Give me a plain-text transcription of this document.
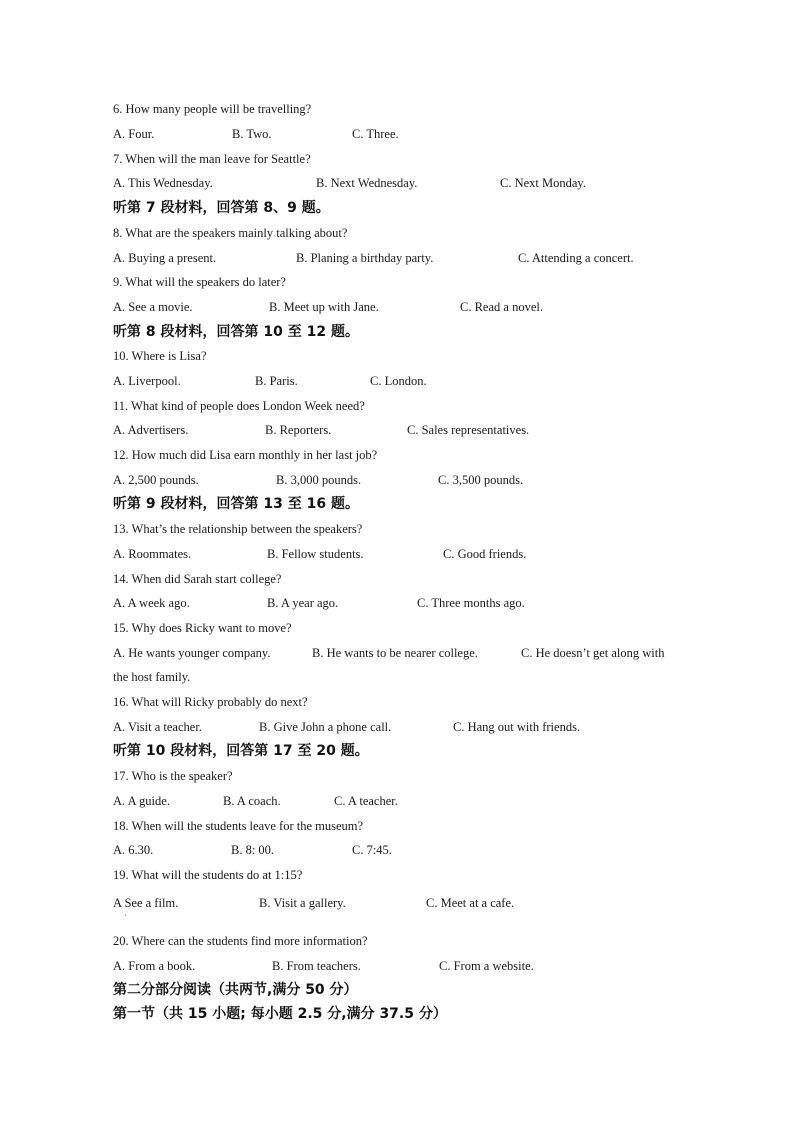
6. How many people will be travelling?
A. Four.	B. Two.	C. Three.
7. When will the man leave for Seattle?
A. This Wednesday.	B. Next Wednesday.	C. Next Monday.
听第 7 段材料，回答第 8、9 题。
8. What are the speakers mainly talking about?
A. Buying a present.	B. Planing a birthday party.	C. Attending a concert.
9. What will the speakers do later?
A. See a movie.	B. Meet up with Jane.	C. Read a novel.
听第 8 段材料，回答第 10 至 12 题。
10. Where is Lisa?
A. Liverpool.	B. Paris.	C. London.
11. What kind of people does London Week need?
A. Advertisers.	B. Reporters.	C. Sales representatives.
12. How much did Lisa earn monthly in her last job?
A. 2,500 pounds.	B. 3,000 pounds.	C. 3,500 pounds.
听第 9 段材料，回答第 13 至 16 题。
13. What’s the relationship between the speakers?
A. Roommates.	B. Fellow students.	C. Good friends.
14. When did Sarah start college?
A. A week ago.	B. A year ago.	C. Three months ago.
15. Why does Ricky want to move?
A. He wants younger company.	B. He wants to be nearer college.	C. He doesn’t get along with
the host family.
16. What will Ricky probably do next?
A. Visit a teacher.	B. Give John a phone call.	C. Hang out with friends.
听第 10 段材料，回答第 17 至 20 题。
17. Who is the speaker?
A. A guide.	B. A coach.	C. A teacher.
18. When will the students leave for the museum?
A. 6.30.	B. 8: 00.	C. 7:45.
19. What will the students do at 1:15?
A See a film.	B. Visit a gallery.	C. Meet at a cafe.
·
20. Where can the students find more information?
A. From a book.	B. From teachers.	C. From a website.
第二分部分阅读（共两节,满分 50 分）
第一节（共 15 小题; 每小题 2.5 分,满分 37.5 分）
